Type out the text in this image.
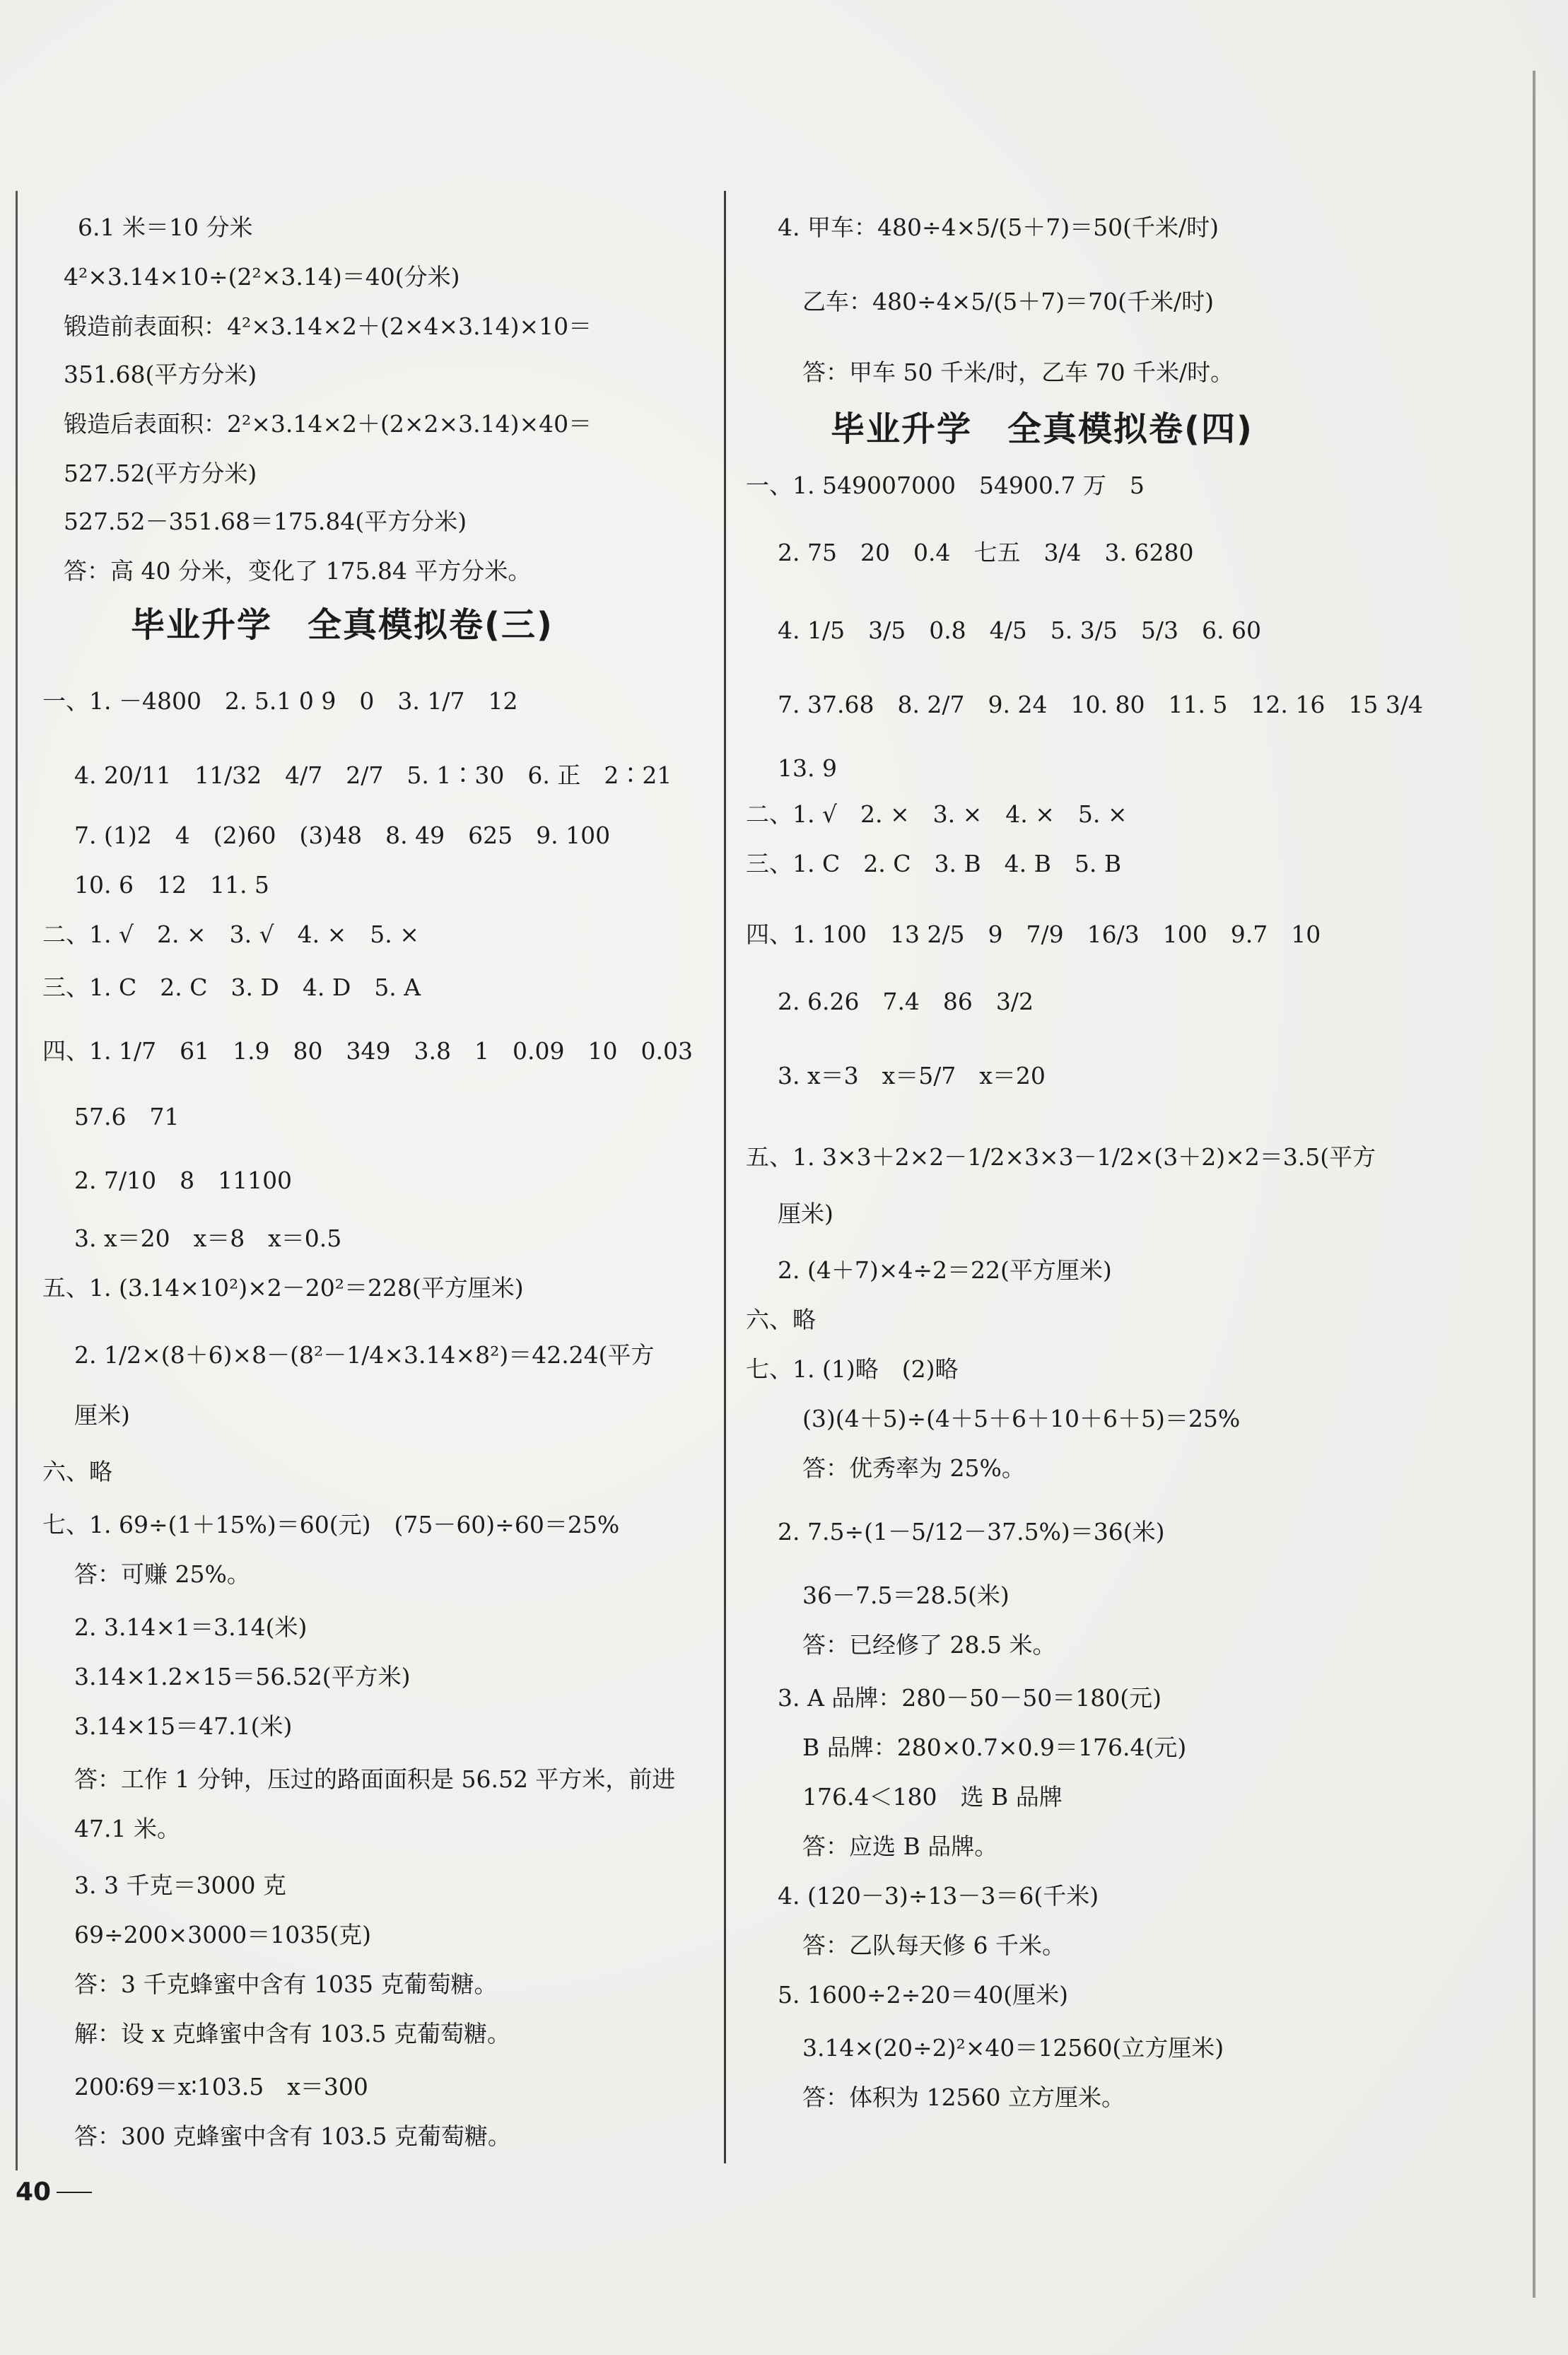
毕业升学　全真模拟卷(三)
6.1 米＝10 分米
4²×3.14×10÷(2²×3.14)＝40(分米)
锻造前表面积：4²×3.14×2＋(2×4×3.14)×10＝
351.68(平方分米)
锻造后表面积：2²×3.14×2＋(2×2×3.14)×40＝
527.52(平方分米)
527.52－351.68＝175.84(平方分米)
答：高 40 分米，变化了 175.84 平方分米。
一、1. －4800　2. 5.1 0̇ 9̇　0　3. 1/7　12
4. 20/11　11/32　4/7　2/7　5. 1∶30　6. 正　2∶21
7. (1)2　4　(2)60　(3)48　8. 49　625　9. 100
10. 6　12　11. 5
二、1. √　2. ×　3. √　4. ×　5. ×
三、1. C　2. C　3. D　4. D　5. A
四、1. 1/7　61　1.9　80　349　3.8　1　0.09　10　0.03
57.6　71
2. 7/10　8　11100
3. x＝20　x＝8　x＝0.5
五、1. (3.14×10²)×2－20²＝228(平方厘米)
2. 1/2×(8＋6)×8－(8²－1/4×3.14×8²)＝42.24(平方
厘米)
六、略
七、1. 69÷(1＋15%)＝60(元)　(75－60)÷60＝25%
答：可赚 25%。
2. 3.14×1＝3.14(米)
3.14×1.2×15＝56.52(平方米)
3.14×15＝47.1(米)
答：工作 1 分钟，压过的路面面积是 56.52 平方米，前进
47.1 米。
3. 3 千克＝3000 克
69÷200×3000＝1035(克)
答：3 千克蜂蜜中含有 1035 克葡萄糖。
解：设 x 克蜂蜜中含有 103.5 克葡萄糖。
200∶69＝x∶103.5　x＝300
答：300 克蜂蜜中含有 103.5 克葡萄糖。
毕业升学　全真模拟卷(四)
4. 甲车：480÷4×5/(5＋7)＝50(千米/时)
乙车：480÷4×5/(5＋7)＝70(千米/时)
答：甲车 50 千米/时，乙车 70 千米/时。
一、1. 549007000　54900.7 万　5
2. 75　20　0.4　七五　3/4　3. 6280
4. 1/5　3/5　0.8　4/5　5. 3/5　5/3　6. 60
7. 37.68　8. 2/7　9. 24　10. 80　11. 5　12. 16　15 3/4
13. 9
二、1. √　2. ×　3. ×　4. ×　5. ×
三、1. C　2. C　3. B　4. B　5. B
四、1. 100　13 2/5　9　7/9　16/3　100　9.7　10
2. 6.26　7.4　86　3/2
3. x＝3　x＝5/7　x＝20
五、1. 3×3＋2×2－1/2×3×3－1/2×(3＋2)×2＝3.5(平方
厘米)
2. (4＋7)×4÷2＝22(平方厘米)
六、略
七、1. (1)略　(2)略
(3)(4＋5)÷(4＋5＋6＋10＋6＋5)＝25%
答：优秀率为 25%。
2. 7.5÷(1－5/12－37.5%)＝36(米)
36－7.5＝28.5(米)
答：已经修了 28.5 米。
3. A 品牌：280－50－50＝180(元)
B 品牌：280×0.7×0.9＝176.4(元)
176.4＜180　选 B 品牌
答：应选 B 品牌。
4. (120－3)÷13－3＝6(千米)
答：乙队每天修 6 千米。
5. 1600÷2÷20＝40(厘米)
3.14×(20÷2)²×40＝12560(立方厘米)
答：体积为 12560 立方厘米。
40
